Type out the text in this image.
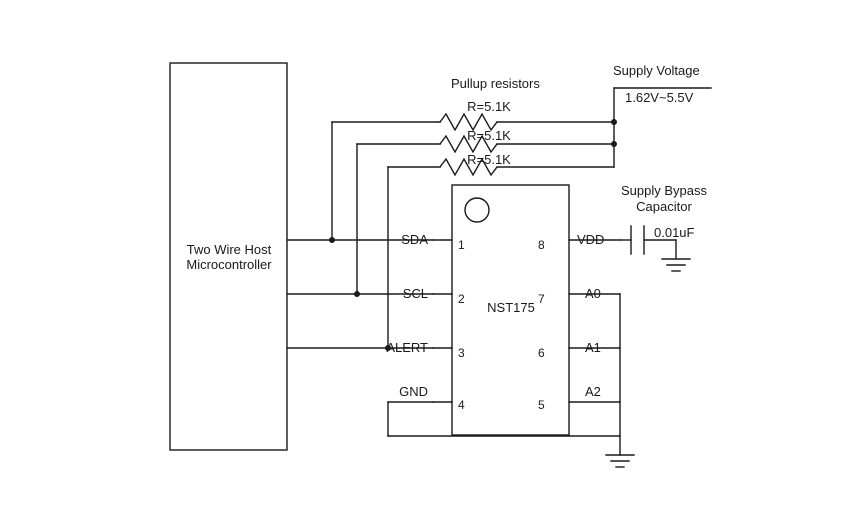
Two Wire Host
Microcontroller
NST175
SDA
SCL
ALERT
GND
1
2
3
4
8
7
6
5
VDD
A0
A1
A2
Pullup resistors
R=5.1K
R=5.1K
R=5.1K
Supply Voltage
1.62V~5.5V
Supply Bypass
Capacitor
0.01uF
